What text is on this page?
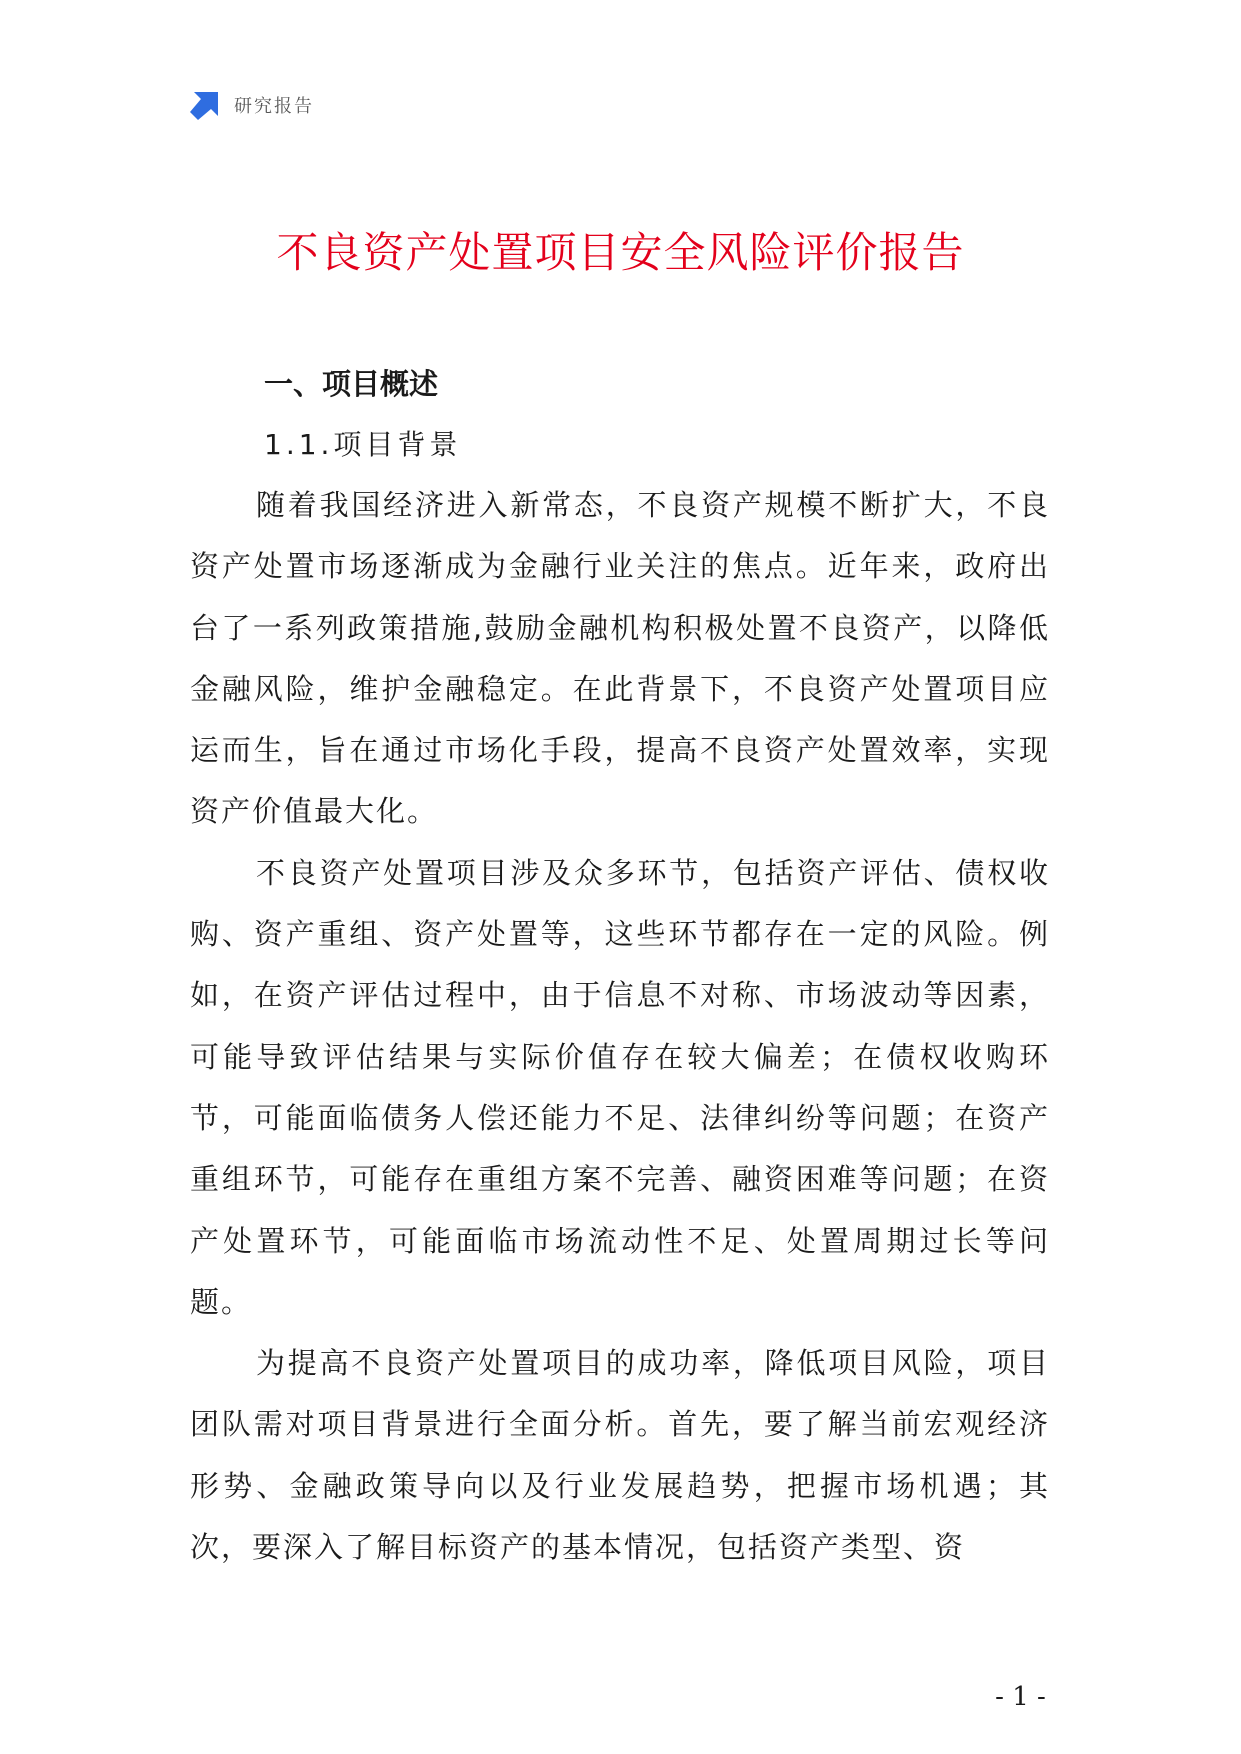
研究报告
不良资产处置项目安全风险评价报告
一、项目概述
1.1.项目背景

随着我国经济进入新常态，不良资产规模不断扩大，不良资产处置市场逐渐成为金融行业关注的焦点。近年来，政府出台了一系列政策措施,鼓励金融机构积极处置不良资产，以降低金融风险，维护金融稳定。在此背景下，不良资产处置项目应运而生，旨在通过市场化手段，提高不良资产处置效率，实现资产价值最大化。

不良资产处置项目涉及众多环节，包括资产评估、债权收购、资产重组、资产处置等，这些环节都存在一定的风险。例如，在资产评估过程中，由于信息不对称、市场波动等因素，可能导致评估结果与实际价值存在较大偏差；在债权收购环节，可能面临债务人偿还能力不足、法律纠纷等问题；在资产重组环节，可能存在重组方案不完善、融资困难等问题；在资产处置环节，可能面临市场流动性不足、处置周期过长等问题。

为提高不良资产处置项目的成功率，降低项目风险，项目团队需对项目背景进行全面分析。首先，要了解当前宏观经济形势、金融政策导向以及行业发展趋势，把握市场机遇；其次，要深入了解目标资产的基本情况，包括资产类型、资

- 1 -
